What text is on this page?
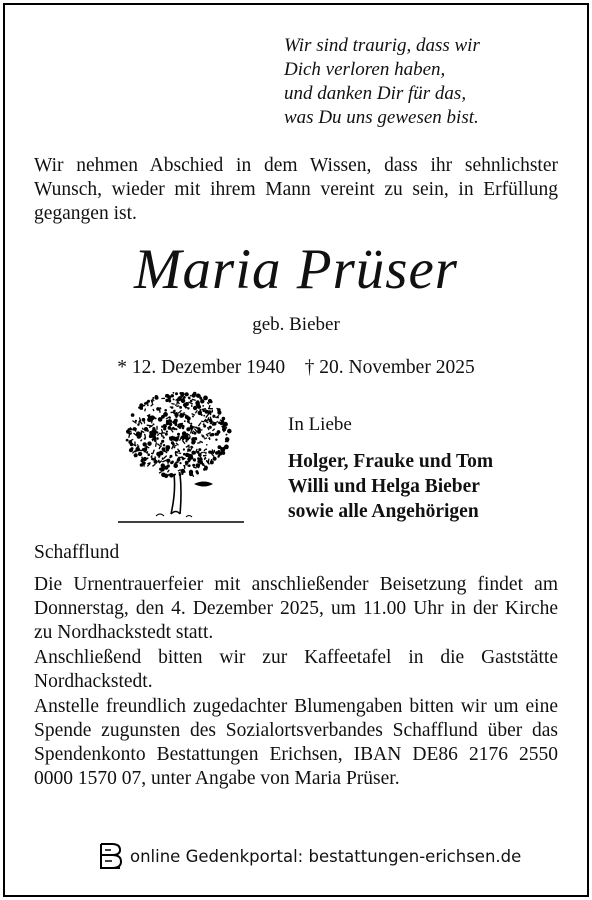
Wir sind traurig, dass wir
Dich verloren haben,
und danken Dir für das,
was Du uns gewesen bist.
Wir nehmen Abschied in dem Wissen, dass ihr sehnlichster Wunsch, wieder mit ihrem Mann vereint zu sein, in Erfüllung gegangen ist.
Maria Prüser
geb. Bieber
* 12. Dezember 1940    † 20. November 2025
In Liebe
Holger, Frauke und Tom
Willi und Helga Bieber
sowie alle Angehörigen
Schafflund

Die Urnentrauerfeier mit anschließender Beisetzung findet am Donnerstag, den 4. Dezember 2025, um 11.00 Uhr in der Kirche zu Nordhackstedt statt.

Anschließend bitten wir zur Kaffeetafel in die Gaststätte Nordhackstedt.

Anstelle freundlich zugedachter Blumengaben bitten wir um eine Spende zugunsten des Sozialortsverbandes Schafflund über das Spendenkonto Bestattungen Erichsen, IBAN DE86 2176 2550 0000 1570 07, unter Angabe von Maria Prüser.

online Gedenkportal: bestattungen-erichsen.de
